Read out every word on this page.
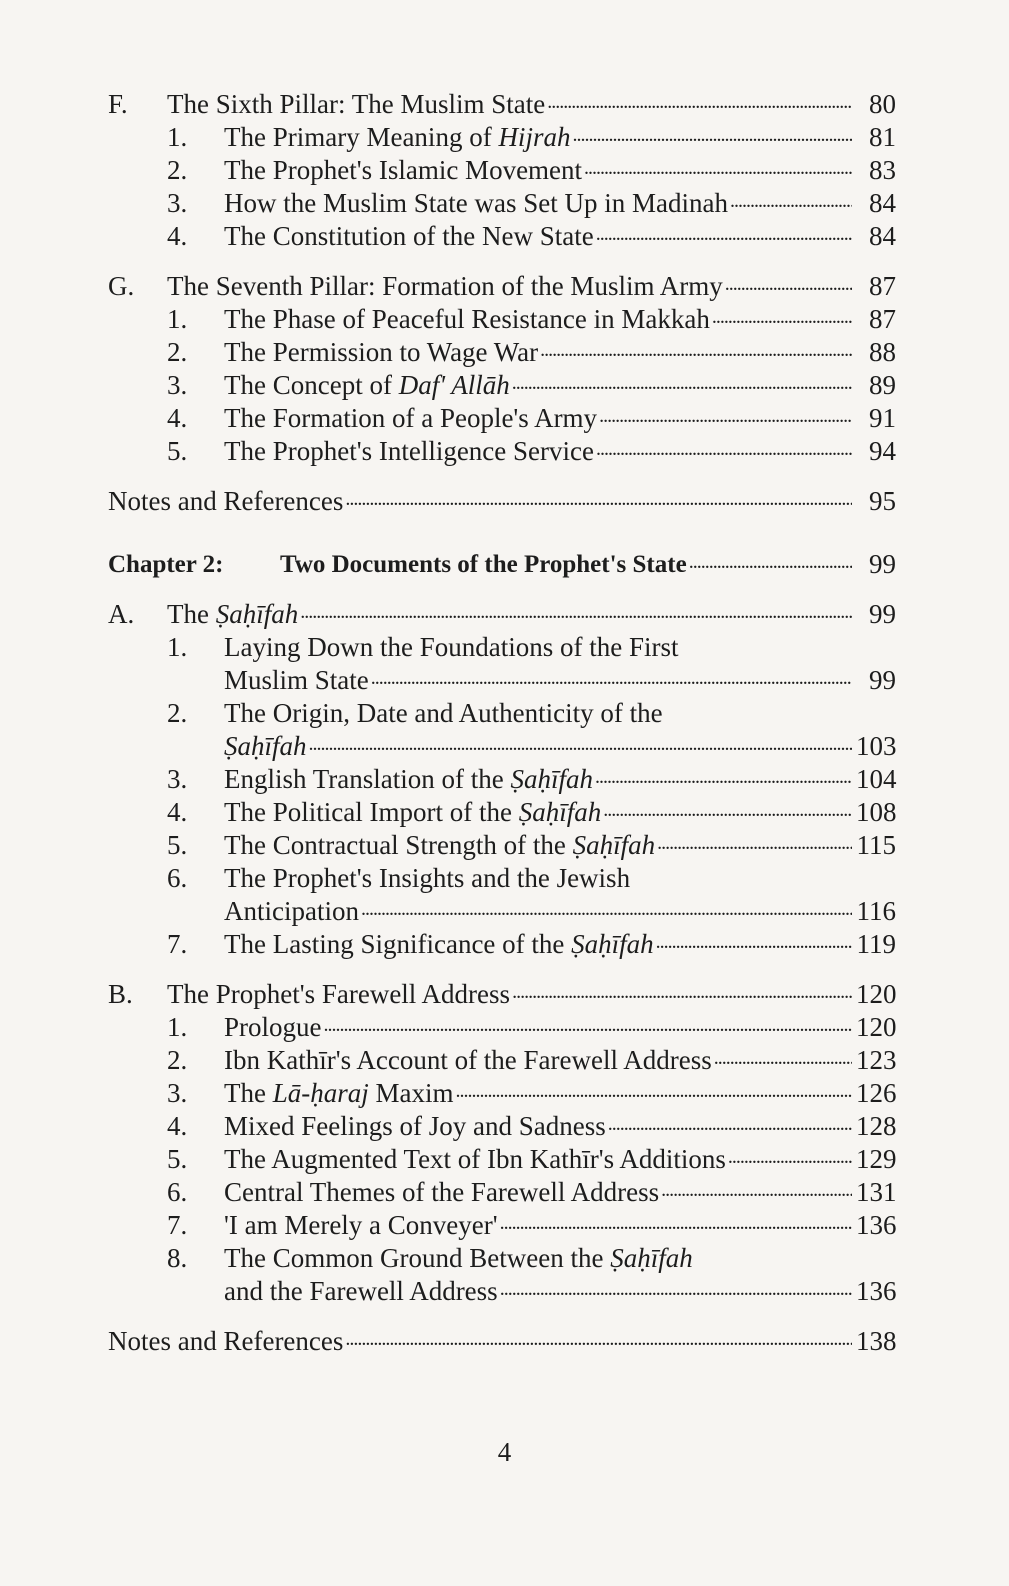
F.	The Sixth Pillar: The Muslim State . . .	80
1.	The Primary Meaning of Hijrah . . .	81
2.	The Prophet's Islamic Movement . . .	83
3.	How the Muslim State was Set Up in Madinah . . .	84
4.	The Constitution of the New State . . .	84
G.	The Seventh Pillar: Formation of the Muslim Army . . .	87
1.	The Phase of Peaceful Resistance in Makkah . . .	87
2.	The Permission to Wage War . . .	88
3.	The Concept of Daf' Allāh . . .	89
4.	The Formation of a People's Army . . .	91
5.	The Prophet's Intelligence Service . . .	94
Notes and References . . .	95
Chapter 2:	Two Documents of the Prophet's State . . .	99
A.	The Ṣaḥīfah . . .	99
1.	Laying Down the Foundations of the First
Muslim State . . .	99
2.	The Origin, Date and Authenticity of the
Ṣaḥīfah . . .	103
3.	English Translation of the Ṣaḥīfah . . .	104
4.	The Political Import of the Ṣaḥīfah . . .	108
5.	The Contractual Strength of the Ṣaḥīfah . . .	115
6.	The Prophet's Insights and the Jewish
Anticipation . . .	116
7.	The Lasting Significance of the Ṣaḥīfah . . .	119
B.	The Prophet's Farewell Address . . .	120
1.	Prologue . . .	120
2.	Ibn Kathīr's Account of the Farewell Address . . .	123
3.	The Lā-ḥaraj Maxim . . .	126
4.	Mixed Feelings of Joy and Sadness . . .	128
5.	The Augmented Text of Ibn Kathīr's Additions . . .	129
6.	Central Themes of the Farewell Address . . .	131
7.	'I am Merely a Conveyer' . . .	136
8.	The Common Ground Between the Ṣaḥīfah
and the Farewell Address . . .	136
Notes and References . . .	138
4
